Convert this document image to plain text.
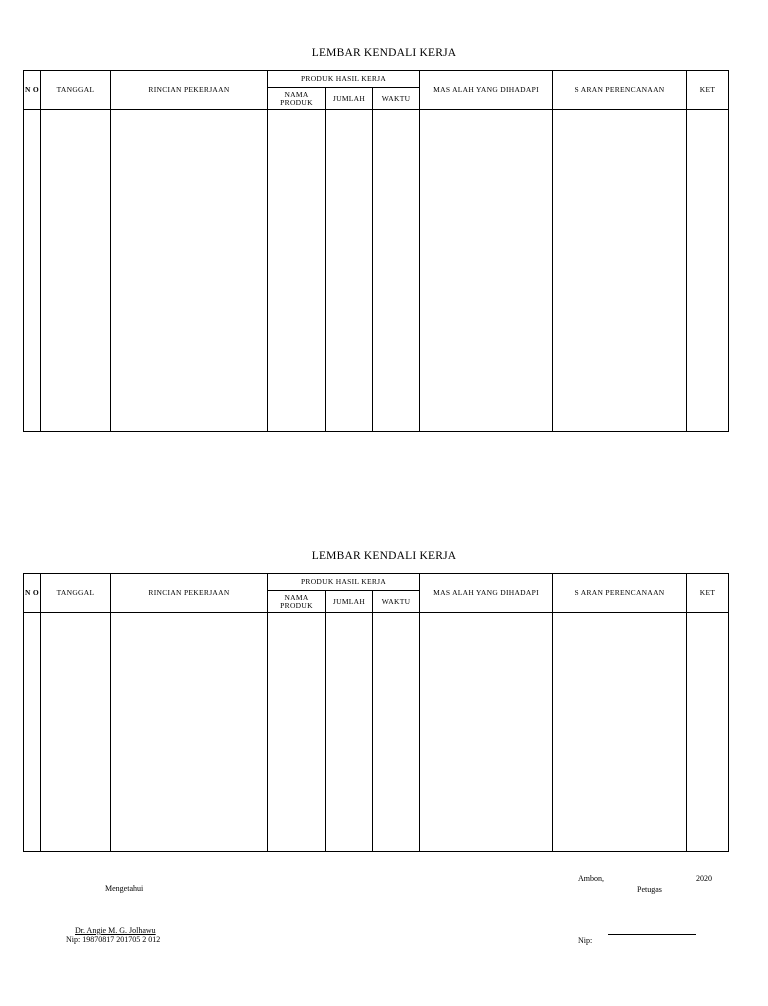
LEMBAR KENDALI KERJA
N O	TANGGAL	RINCIAN PEKERJAAN	PRODUK HASIL KERJA			MAS ALAH YANG DIHADAPI	S ARAN PERENCANAAN	KET
			NAMA PRODUK	JUMLAH	WAKTU			

LEMBAR KENDALI KERJA
N O	TANGGAL	RINCIAN PEKERJAAN	PRODUK HASIL KERJA			MAS ALAH YANG DIHADAPI	S ARAN PERENCANAAN	KET
			NAMA PRODUK	JUMLAH	WAKTU			

Ambon,	2020
Mengetahui	Petugas
Dr. Angie M. G. Jolhawu
Nip: 19870817 201705 2 012	Nip:
